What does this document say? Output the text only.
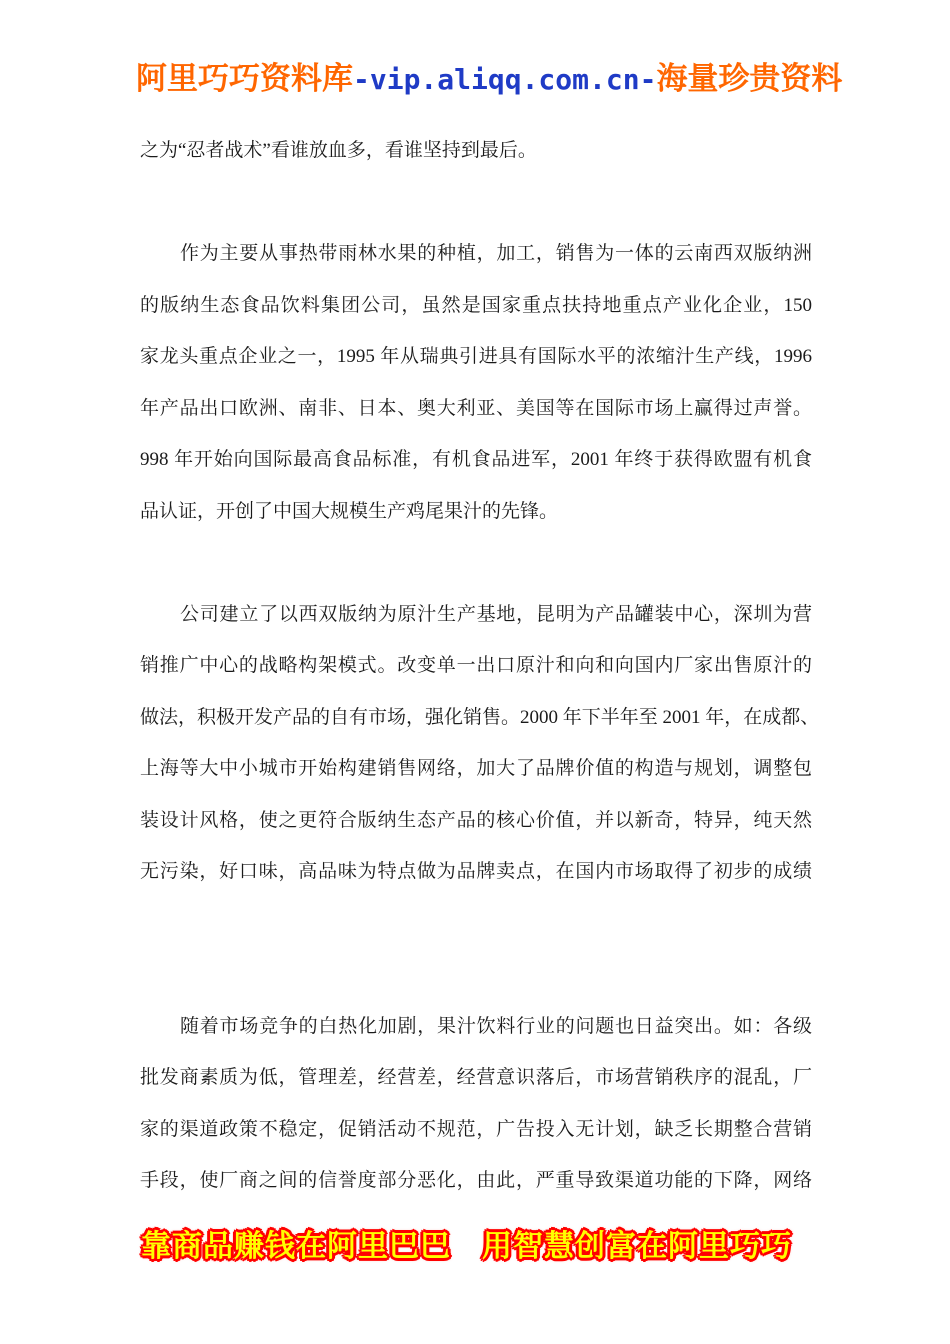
阿里巧巧资料库-vip.aliqq.com.cn-海量珍贵资料
之为“忍者战术”看谁放血多，看谁坚持到最后。
作为主要从事热带雨林水果的种植，加工，销售为一体的云南西双版纳洲
的版纳生态食品饮料集团公司，虽然是国家重点扶持地重点产业化企业，150
家龙头重点企业之一，1995 年从瑞典引进具有国际水平的浓缩汁生产线，1996
年产品出口欧洲、南非、日本、奥大利亚、美国等在国际市场上赢得过声誉。
998 年开始向国际最高食品标准，有机食品进军，2001 年终于获得欧盟有机食
品认证，开创了中国大规模生产鸡尾果汁的先锋。
公司建立了以西双版纳为原汁生产基地，昆明为产品罐装中心，深圳为营
销推广中心的战略构架模式。改变单一出口原汁和向和向国内厂家出售原汁的
做法，积极开发产品的自有市场，强化销售。2000 年下半年至 2001 年，在成都、
上海等大中小城市开始构建销售网络，加大了品牌价值的构造与规划，调整包
装设计风格，使之更符合版纳生态产品的核心价值，并以新奇，特异，纯天然
无污染，好口味，高品味为特点做为品牌卖点，在国内市场取得了初步的成绩
随着市场竞争的白热化加剧，果汁饮料行业的问题也日益突出。如：各级
批发商素质为低，管理差，经营差，经营意识落后，市场营销秩序的混乱，厂
家的渠道政策不稳定，促销活动不规范，广告投入无计划，缺乏长期整合营销
手段，使厂商之间的信誉度部分恶化，由此，严重导致渠道功能的下降，网络
靠商品赚钱在阿里巴巴　用智慧创富在阿里巧巧
